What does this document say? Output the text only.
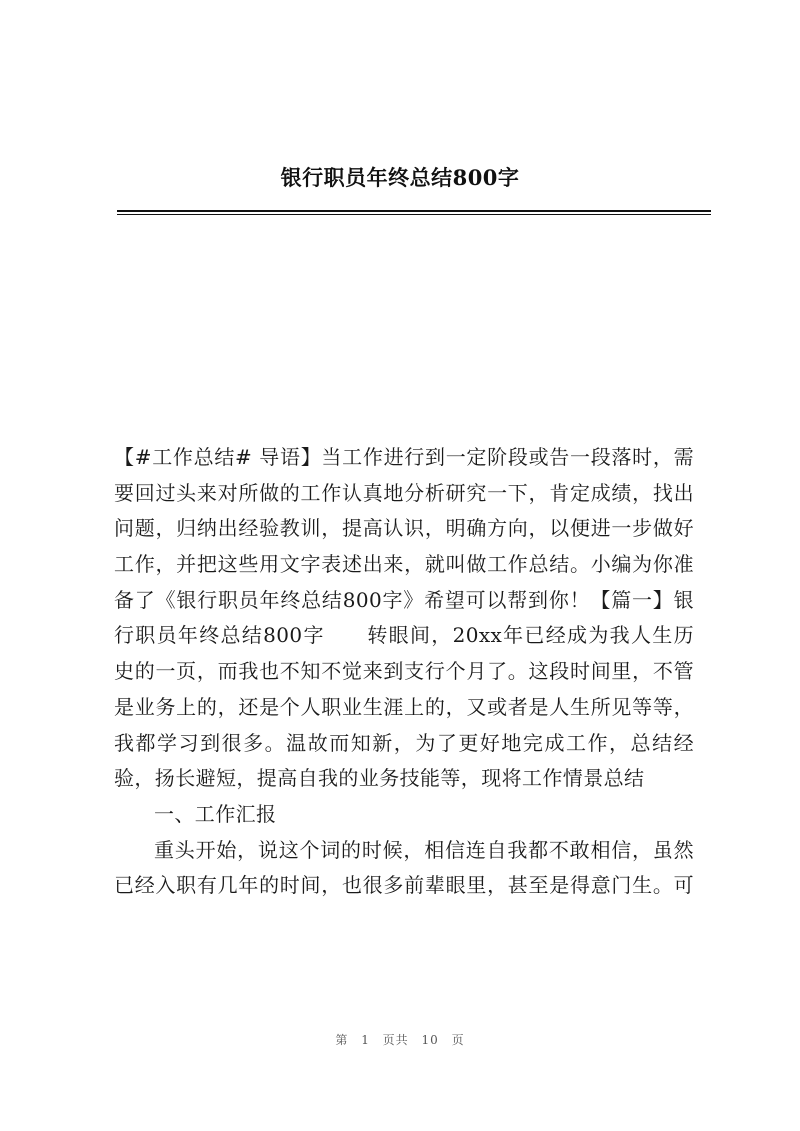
银行职员年终总结800字
【#工作总结# 导语】当工作进行到一定阶段或告一段落时，需
要回过头来对所做的工作认真地分析研究一下，肯定成绩，找出
问题，归纳出经验教训，提高认识，明确方向，以便进一步做好
工作，并把这些用文字表述出来，就叫做工作总结。小编为你准
备了《银行职员年终总结800字》希望可以帮到你！【篇一】银
行职员年终总结800字　　转眼间，20xx年已经成为我人生历
史的一页，而我也不知不觉来到支行个月了。这段时间里，不管
是业务上的，还是个人职业生涯上的，又或者是人生所见等等，
我都学习到很多。温故而知新，为了更好地完成工作，总结经
验，扬长避短，提高自我的业务技能等，现将工作情景总结
一、工作汇报
重头开始，说这个词的时候，相信连自我都不敢相信，虽然
已经入职有几年的时间，也很多前辈眼里，甚至是得意门生。可
第 1 页共 10 页
